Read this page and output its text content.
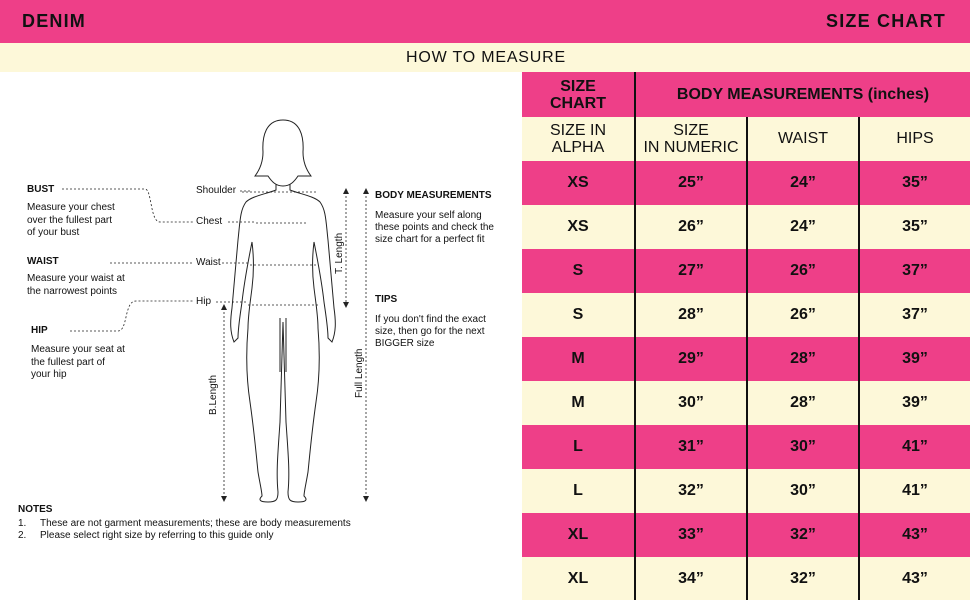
DENIM	SIZE CHART
HOW TO MEASURE
BUST
Measure your chest
over the fullest part
of your bust
WAIST
Measure your waist at
the narrowest points
HIP
Measure your seat at
the fullest part of
your hip
Shoulder
Chest
Waist
Hip
T. Length
B.Length	Full Length
BODY MEASUREMENTS
Measure your self along
these points and check the
size chart for a perfect fit
TIPS
If you don't find the exact
size, then go for the next
BIGGER size
NOTES
1. These are not garment measurements; these are body measurements
2. Please select right size by referring to this guide only
SIZE
CHART
BODY MEASUREMENTS (inches)
SIZE IN
ALPHA
SIZE
IN NUMERIC
WAIST	HIPS
XS	25”	24”	35”
XS	26”	24”	35”
S	27”	26”	37”
S	28”	26”	37”
M	29”	28”	39”
M	30”	28”	39”
L	31”	30”	41”
L	32”	30”	41”
XL	33”	32”	43”
XL	34”	32”	43”
